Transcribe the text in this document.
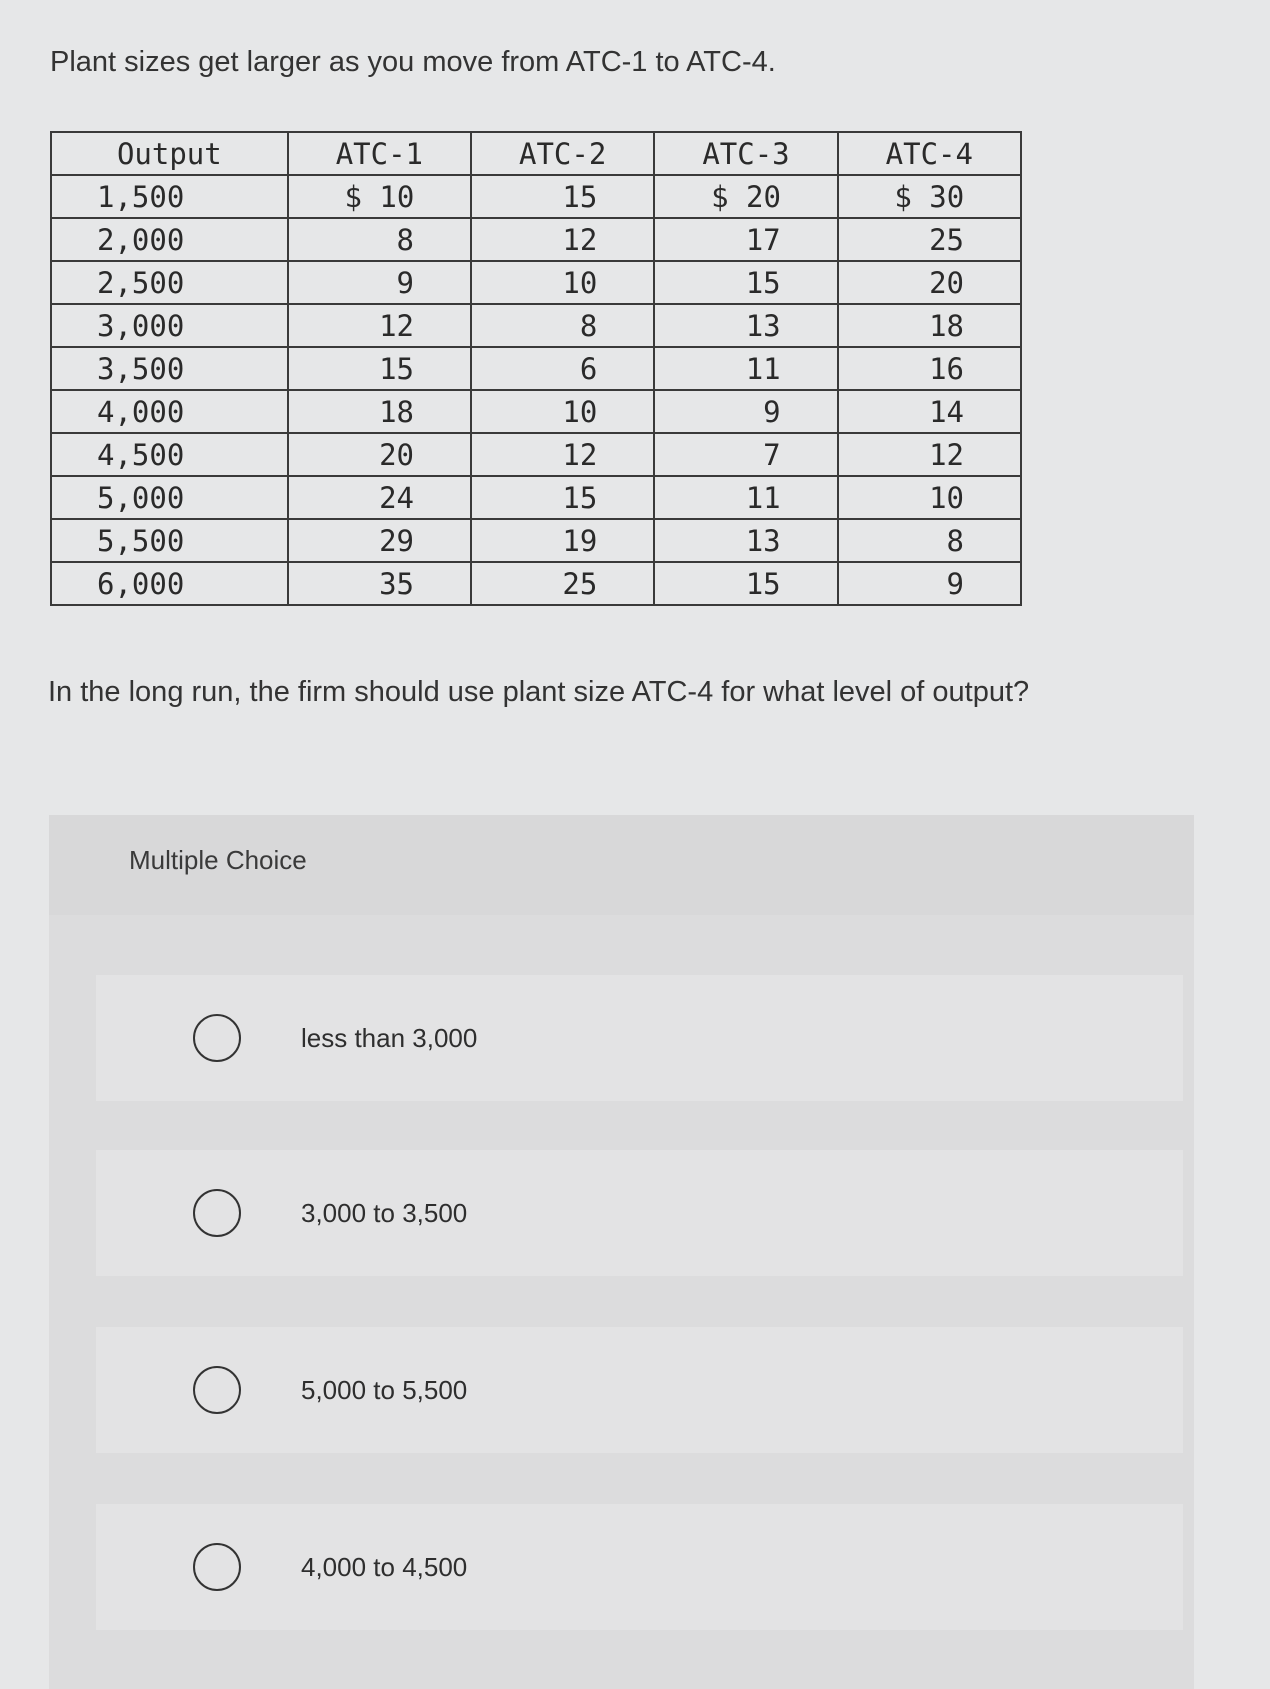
Plant sizes get larger as you move from ATC-1 to ATC-4.
Output	ATC-1	ATC-2	ATC-3	ATC-4
1,500	$ 10	15	$ 20	$ 30
2,000	8	12	17	25
2,500	9	10	15	20
3,000	12	8	13	18
3,500	15	6	11	16
4,000	18	10	9	14
4,500	20	12	7	12
5,000	24	15	11	10
5,500	29	19	13	8
6,000	35	25	15	9
In the long run, the firm should use plant size ATC-4 for what level of output?
Multiple Choice
less than 3,000
3,000 to 3,500
5,000 to 5,500
4,000 to 4,500
